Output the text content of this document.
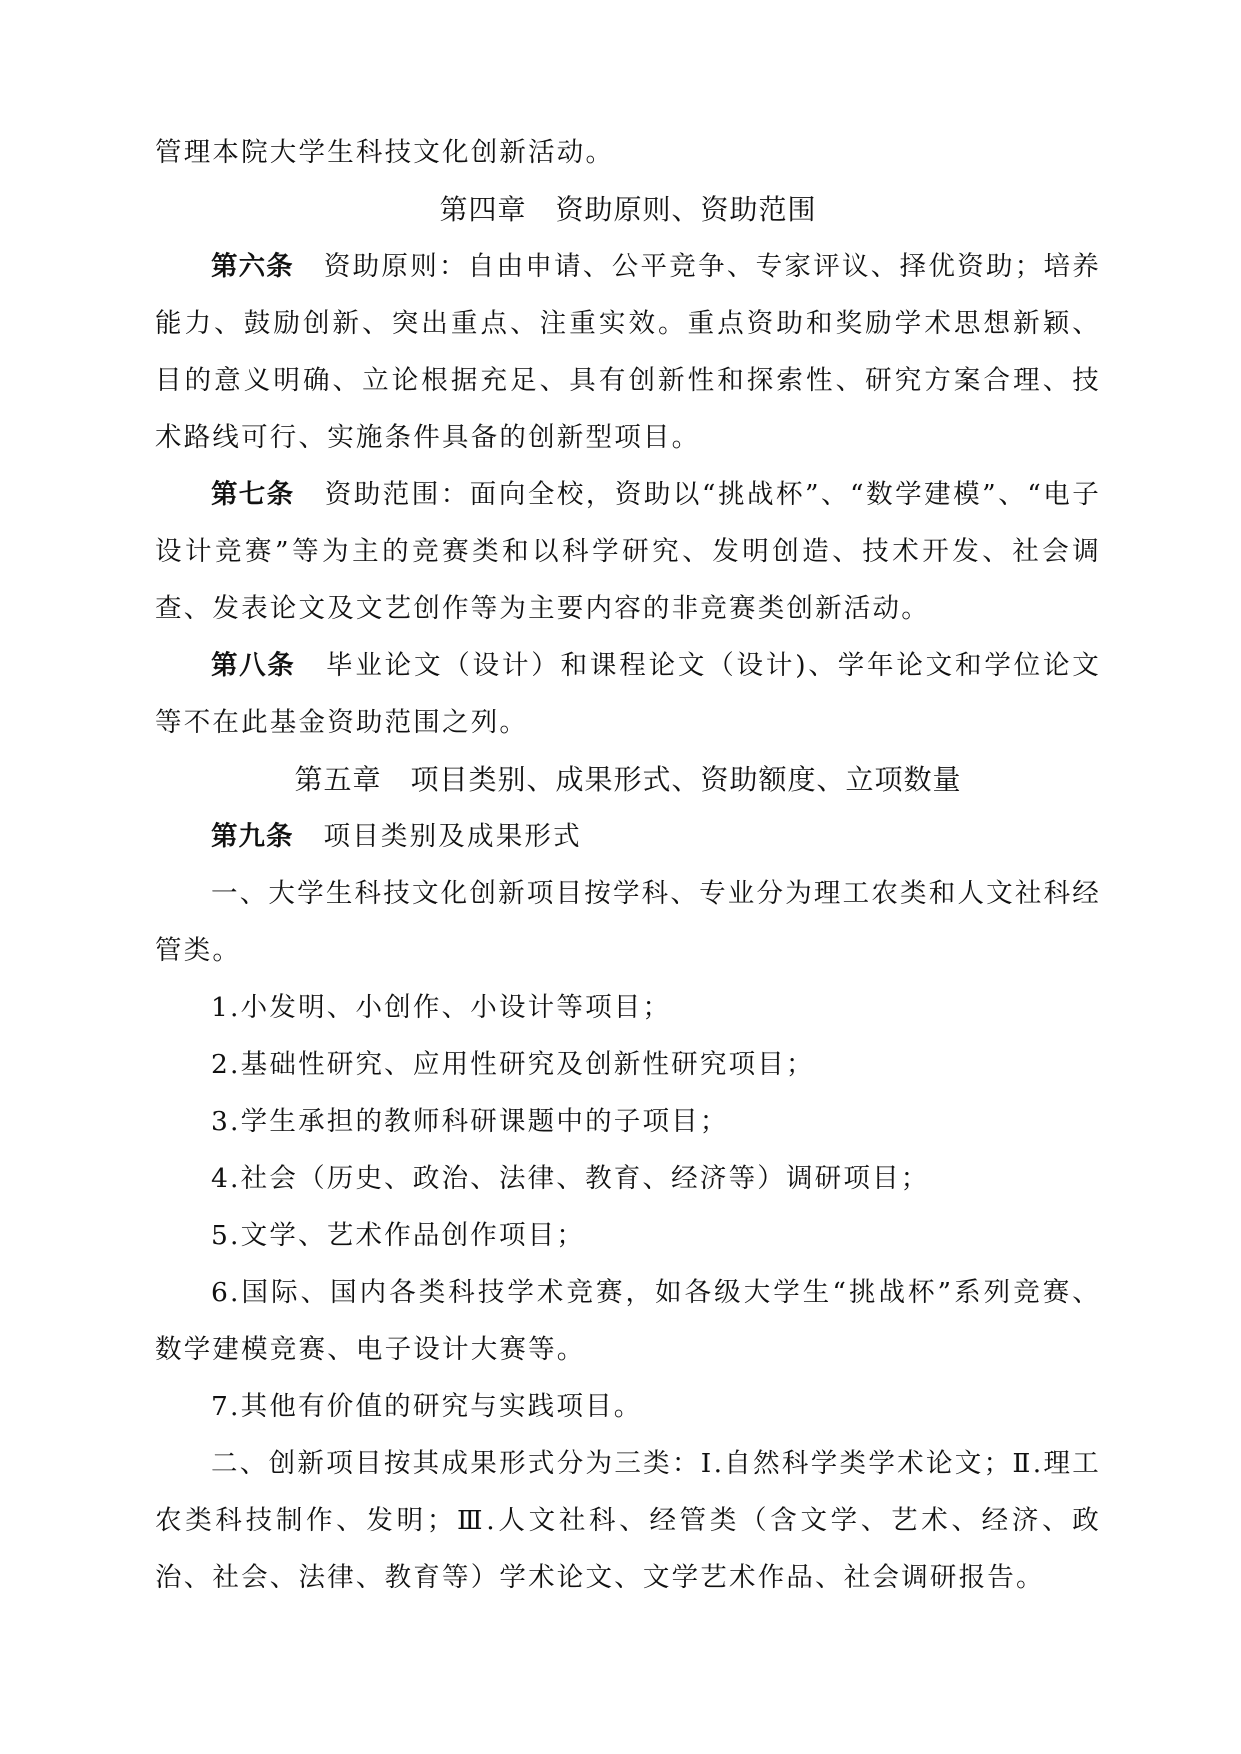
管理本院大学生科技文化创新活动。

第四章　资助原则、资助范围

第六条 资助原则：自由申请、公平竞争、专家评议、择优资助；培养能力、鼓励创新、突出重点、注重实效。重点资助和奖励学术思想新颖、目的意义明确、立论根据充足、具有创新性和探索性、研究方案合理、技术路线可行、实施条件具备的创新型项目。

第七条 资助范围：面向全校，资助以“挑战杯”、“数学建模”、“电子设计竞赛”等为主的竞赛类和以科学研究、发明创造、技术开发、社会调查、发表论文及文艺创作等为主要内容的非竞赛类创新活动。

第八条 毕业论文（设计）和课程论文（设计)、学年论文和学位论文等不在此基金资助范围之列。

第五章　项目类别、成果形式、资助额度、立项数量

第九条 项目类别及成果形式

一、大学生科技文化创新项目按学科、专业分为理工农类和人文社科经管类。

1.小发明、小创作、小设计等项目；

2.基础性研究、应用性研究及创新性研究项目；

3.学生承担的教师科研课题中的子项目；

4.社会（历史、政治、法律、教育、经济等）调研项目；

5.文学、艺术作品创作项目；

6.国际、国内各类科技学术竞赛，如各级大学生“挑战杯”系列竞赛、数学建模竞赛、电子设计大赛等。

7.其他有价值的研究与实践项目。

二、创新项目按其成果形式分为三类：Ⅰ.自然科学类学术论文；Ⅱ.理工农类科技制作、发明；Ⅲ.人文社科、经管类（含文学、艺术、经济、政治、社会、法律、教育等）学术论文、文学艺术作品、社会调研报告。
